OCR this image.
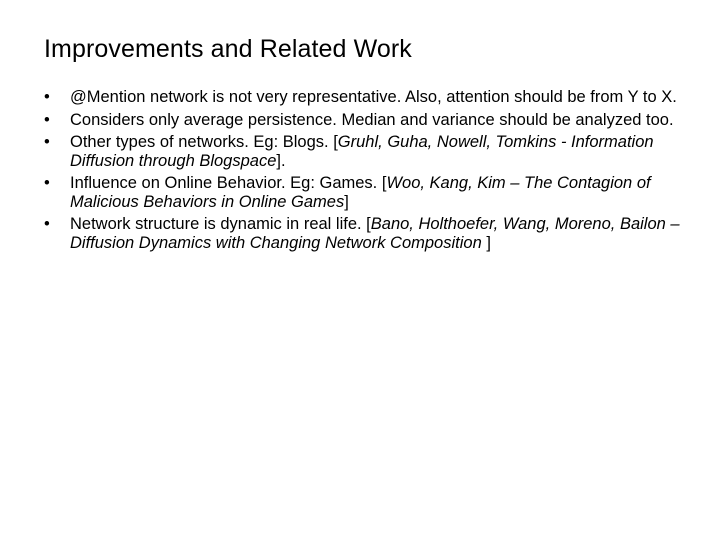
Improvements and Related Work
•	@Mention network is not very representative. Also, attention should be from Y to X.
•	Considers only average persistence. Median and variance should be analyzed too.
•	Other types of networks. Eg: Blogs. [Gruhl, Guha, Nowell, Tomkins - Information Diffusion through Blogspace].
•	Influence on Online Behavior. Eg: Games. [Woo, Kang, Kim – The Contagion of Malicious Behaviors in Online Games]
•	Network structure is dynamic in real life. [Bano, Holthoefer, Wang, Moreno, Bailon – Diffusion Dynamics with Changing Network Composition ]
